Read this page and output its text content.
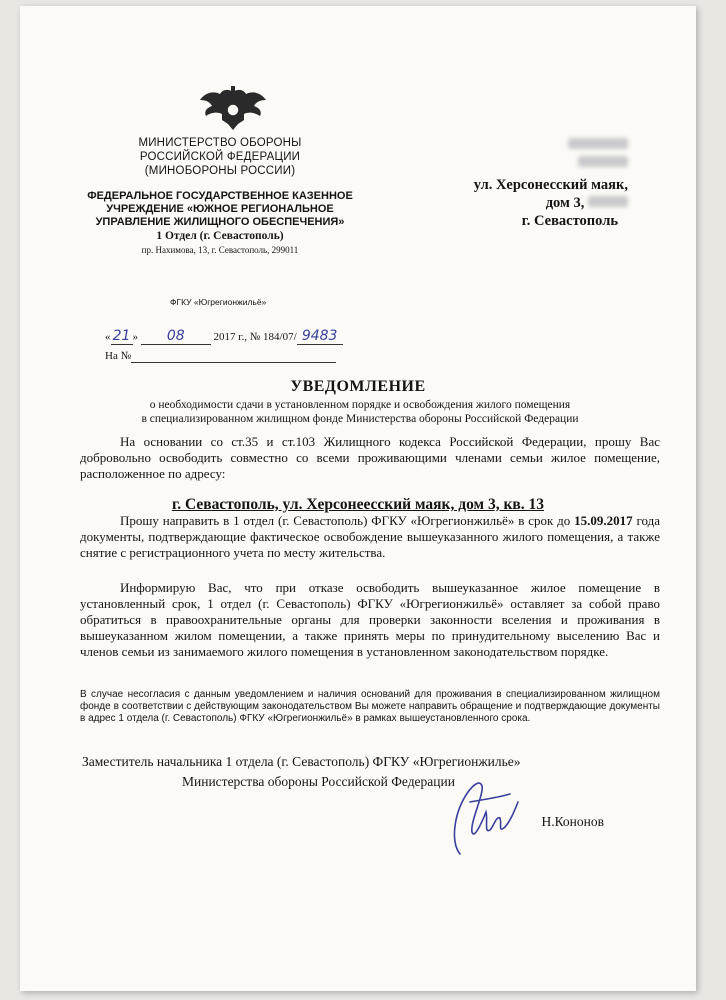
МИНИСТЕРСТВО ОБОРОНЫ
РОССИЙСКОЙ ФЕДЕРАЦИИ
(МИНОБОРОНЫ РОССИИ)
ФЕДЕРАЛЬНОЕ ГОСУДАРСТВЕННОЕ КАЗЕННОЕ
УЧРЕЖДЕНИЕ «ЮЖНОЕ РЕГИОНАЛЬНОЕ
УПРАВЛЕНИЕ ЖИЛИЩНОГО ОБЕСПЕЧЕНИЯ»
1 Отдел (г. Севастополь)
пр. Нахимова, 13, г. Севастополь, 299011

ул. Херсонесский маяк,
дом 3,
г. Севастополь
ФГКУ «Югрегионжильё»
« 21 » 08	2017 г., № 184/07/ 9483
На №
УВЕДОМЛЕНИЕ
о необходимости сдачи в установленном порядке и освобождения жилого помещения
в специализированном жилищном фонде Министерства обороны Российской Федерации
На основании со ст.35 и ст.103 Жилищного кодекса Российской Федерации, прошу Вас добровольно освободить совместно со всеми проживающими членами семьи жилое помещение, расположенное по адресу:
г. Севастополь, ул. Херсонеесский маяк, дом 3, кв. 13
Прошу направить в 1 отдел (г. Севастополь) ФГКУ «Югрегионжильё» в срок до 15.09.2017 года документы, подтверждающие фактическое освобождение вышеуказанного жилого помещения, а также снятие с регистрационного учета по месту жительства.
Информирую Вас, что при отказе освободить вышеуказанное жилое помещение в установленный срок, 1 отдел (г. Севастополь) ФГКУ «Югрегионжильё» оставляет за собой право обратиться в правоохранительные органы для проверки законности вселения и проживания в вышеуказанном жилом помещении, а также принять меры по принудительному выселению Вас и членов семьи из занимаемого жилого помещения в установленном законодательством порядке.
В случае несогласия с данным уведомлением и наличия оснований для проживания в специализированном жилищном фонде в соответствии с действующим законодательством Вы можете направить обращение и подтверждающие документы в адрес 1 отдела (г. Севастополь) ФГКУ «Югрегионжильё» в рамках вышеустановленного срока.
Заместитель начальника 1 отдела (г. Севастополь) ФГКУ «Югрегионжилье»
Министерства обороны Российской Федерации
Н.Кононов
